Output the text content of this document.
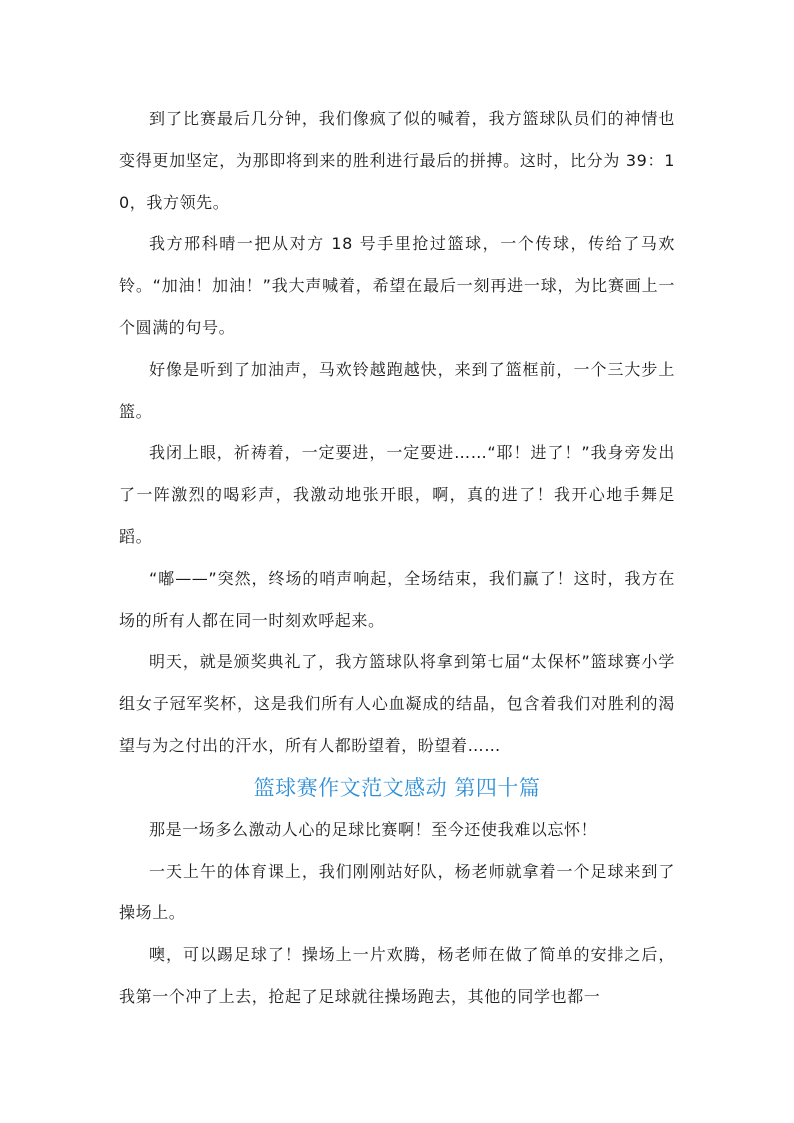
到了比赛最后几分钟，我们像疯了似的喊着，我方篮球队员们的神情也变得更加坚定，为那即将到来的胜利进行最后的拼搏。这时，比分为 39：10，我方领先。

我方邢科晴一把从对方 18 号手里抢过篮球，一个传球，传给了马欢铃。“加油！加油！”我大声喊着，希望在最后一刻再进一球，为比赛画上一个圆满的句号。

好像是听到了加油声，马欢铃越跑越快，来到了篮框前，一个三大步上篮。

我闭上眼，祈祷着，一定要进，一定要进……“耶！进了！”我身旁发出了一阵激烈的喝彩声，我激动地张开眼，啊，真的进了！我开心地手舞足蹈。

“嘟——”突然，终场的哨声响起，全场结束，我们赢了！这时，我方在场的所有人都在同一时刻欢呼起来。

明天，就是颁奖典礼了，我方篮球队将拿到第七届“太保杯”篮球赛小学组女子冠军奖杯，这是我们所有人心血凝成的结晶，包含着我们对胜利的渴望与为之付出的汗水，所有人都盼望着，盼望着……

篮球赛作文范文感动 第四十篇

那是一场多么激动人心的足球比赛啊！至今还使我难以忘怀！

一天上午的体育课上，我们刚刚站好队，杨老师就拿着一个足球来到了操场上。

噢，可以踢足球了！操场上一片欢腾，杨老师在做了简单的安排之后，我第一个冲了上去，抢起了足球就往操场跑去，其他的同学也都一
